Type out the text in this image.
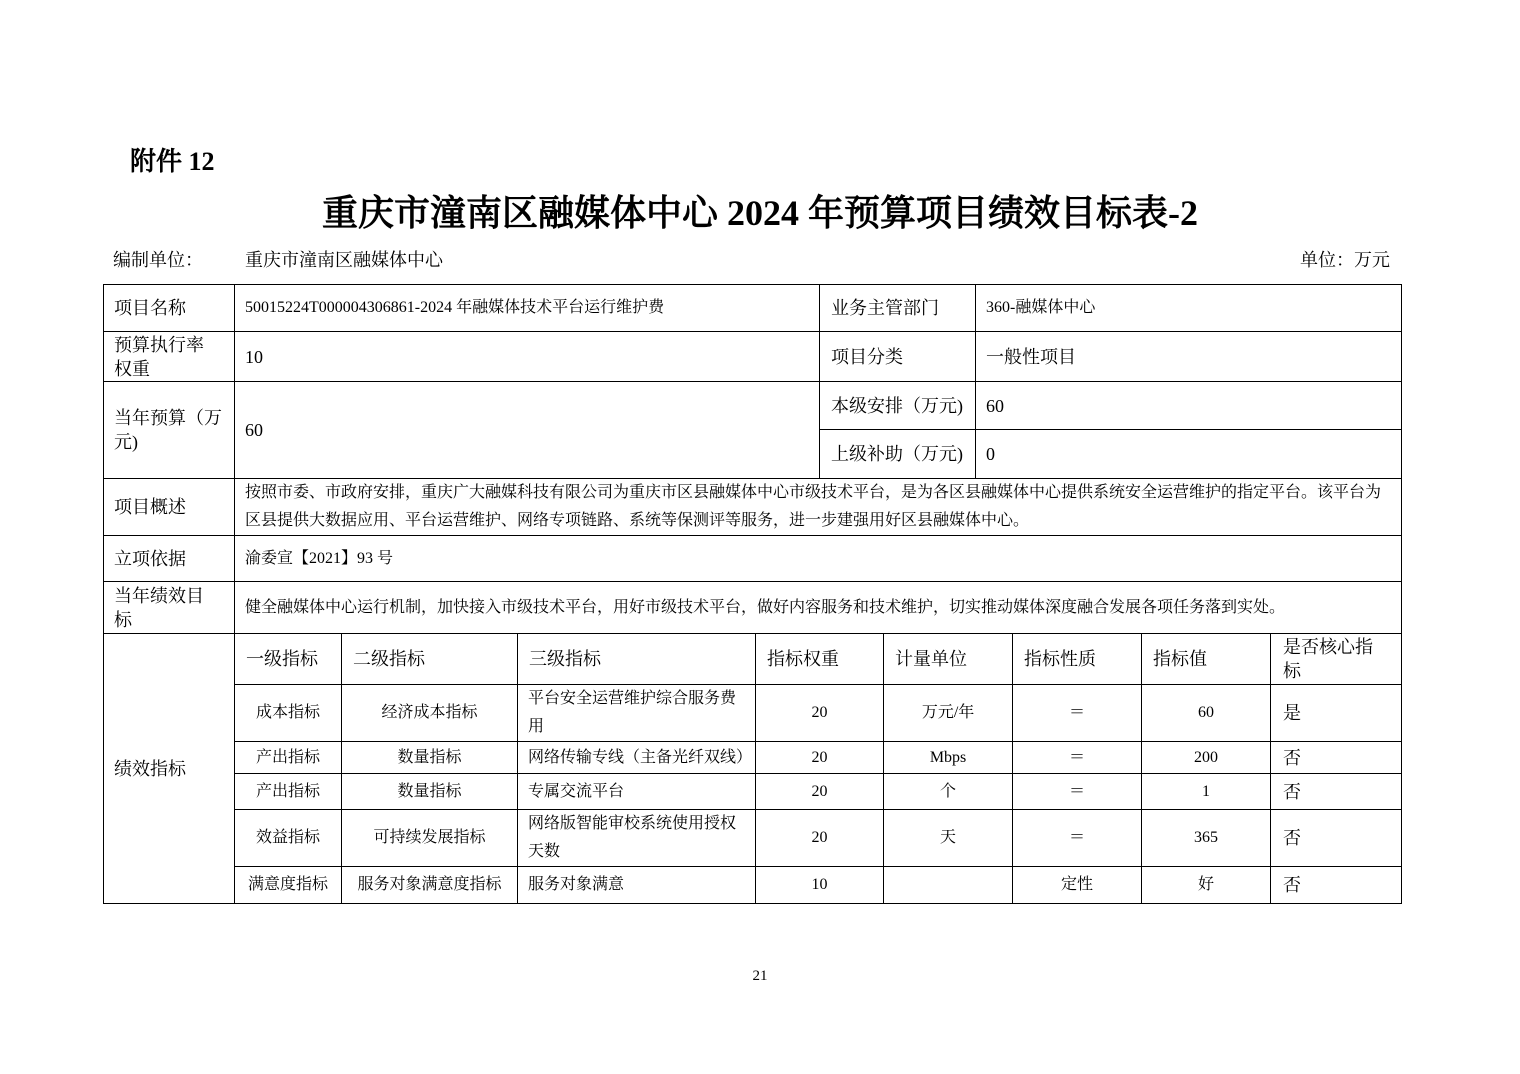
附件 12
重庆市潼南区融媒体中心 2024 年预算项目绩效目标表-2
编制单位： 重庆市潼南区融媒体中心	单位：万元
项目名称	50015224T000004306861-2024 年融媒体技术平台运行维护费				业务主管部门		360-融媒体中心			
预算执行率权重	10				项目分类		一般性项目			
当年预算（万元)	60				本级安排（万元)		60			
					上级补助（万元)		0			
项目概述	按照市委、市政府安排，重庆广大融媒科技有限公司为重庆市区县融媒体中心市级技术平台，是为各区县融媒体中心提供系统安全运营维护的指定平台。该平台为区县提供大数据应用、平台运营维护、网络专项链路、系统等保测评等服务，进一步建强用好区县融媒体中心。									
立项依据	渝委宣【2021】93 号									
当年绩效目标	健全融媒体中心运行机制，加快接入市级技术平台，用好市级技术平台，做好内容服务和技术维护，切实推动媒体深度融合发展各项任务落到实处。									
绩效指标	一级指标	二级指标	三级指标	指标权重		计量单位		指标性质	指标值	是否核心指标
	成本指标	经济成本指标	平台安全运营维护综合服务费用	20		万元/年		＝	60	是
	产出指标	数量指标	网络传输专线（主备光纤双线）	20		Mbps		＝	200	否
	产出指标	数量指标	专属交流平台	20		个		＝	1	否
	效益指标	可持续发展指标	网络版智能审校系统使用授权天数	20		天		＝	365	否
	满意度指标	服务对象满意度指标	服务对象满意	10				定性	好	否
21
